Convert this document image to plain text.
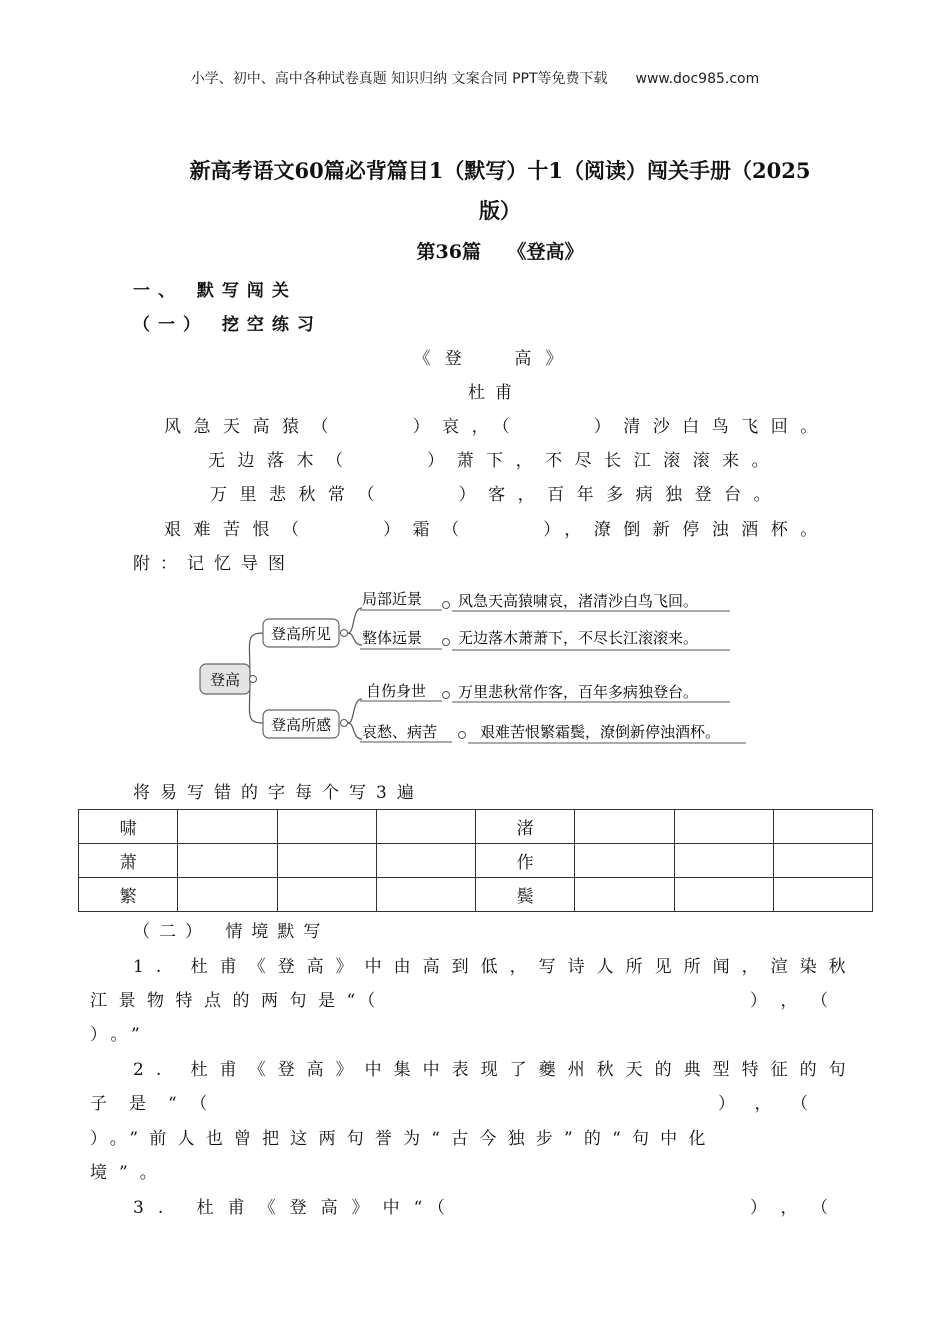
小学、初中、高中各种试卷真题 知识归纳 文案合同 PPT等免费下载 www.doc985.com
新高考语文60篇必背篇目1（默写）十1（阅读）闯关手册（2025
版）
第36篇    《登高》
一、 默写闯关
（一） 挖空练习
《登  高》
杜甫
风急天高猿（    ）哀，（    ）清沙白鸟飞回。
无边落木（    ）萧下，不尽长江滚滚来。
万里悲秋常（    ）客，百年多病独登台。
艰难苦恨（    ）霜（    ），潦倒新停浊酒杯。
附：记忆导图
登高
登高所见
局部近景 风急天高猿啸哀，渚清沙白鸟飞回。
整体远景 无边落木萧萧下，不尽长江滚滚来。
登高所感
自伤身世 万里悲秋常作客，百年多病独登台。
哀愁、病苦	艰难苦恨繁霜鬓，潦倒新停浊酒杯。
将易写错的字每个写3遍
啸				渚			
萧				作			
繁				鬓			
（二） 情境默写
1. 杜甫《登高》中由高到低，写诗人所见所闻，渲染秋
江景物特点的两句是“（	），（
）。”
2. 杜甫《登高》中集中表现了夔州秋天的典型特征的句
子是“（	），（
）。”前人也曾把这两句誉为“古今独步”的“句中化
境”。
3. 杜甫《登高》中“（	），（
